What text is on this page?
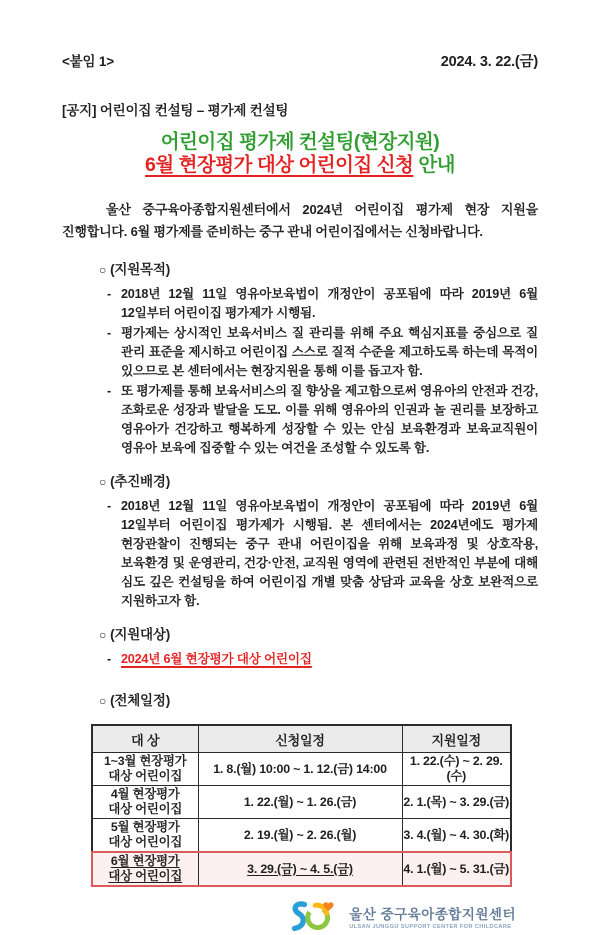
<붙임 1>	2024. 3. 22.(금)
[공지] 어린이집 컨설팅 – 평가제 컨설팅
어린이집 평가제 컨설팅(현장지원)
6월 현장평가 대상 어린이집 신청 안내

울산 중구육아종합지원센터에서 2024년 어린이집 평가제 현장 지원을 진행합니다. 6월 평가제를 준비하는 중구 관내 어린이집에서는 신청바랍니다.

○ (지원목적)
- 2018년 12월 11일 영유아보육법이 개정안이 공포됨에 따라 2019년 6월 12일부터 어린이집 평가제가 시행됨.
- 평가제는 상시적인 보육서비스 질 관리를 위해 주요 핵심지표를 중심으로 질 관리 표준을 제시하고 어린이집 스스로 질적 수준을 제고하도록 하는데 목적이 있으므로 본 센터에서는 현장지원을 통해 이를 돕고자 함.
- 또 평가제를 통해 보육서비스의 질 향상을 제고함으로써 영유아의 안전과 건강, 조화로운 성장과 발달을 도모. 이를 위해 영유아의 인권과 놀 권리를 보장하고 영유아가 건강하고 행복하게 성장할 수 있는 안심 보육환경과 보육교직원이 영유아 보육에 집중할 수 있는 여건을 조성할 수 있도록 함.
○ (추진배경)
- 2018년 12월 11일 영유아보육법이 개정안이 공포됨에 따라 2019년 6월 12일부터 어린이집 평가제가 시행됨. 본 센터에서는 2024년에도 평가제 현장관찰이 진행되는 중구 관내 어린이집을 위해 보육과정 및 상호작용, 보육환경 및 운영관리, 건강·안전, 교직원 영역에 관련된 전반적인 부분에 대해 심도 깊은 컨설팅을 하여 어린이집 개별 맞춤 상담과 교육을 상호 보완적으로 지원하고자 함.
○ (지원대상)
- 2024년 6월 현장평가 대상 어린이집
○ (전체일정)
대 상	신청일정	지원일정
1~3월 현장평가
대상 어린이집	1. 8.(월) 10:00 ~ 1. 12.(금) 14:00	1. 22.(수) ~ 2. 29.(수)
4월 현장평가
대상 어린이집	1. 22.(월) ~ 1. 26.(금)	2. 1.(목) ~ 3. 29.(금)
5월 현장평가
대상 어린이집	2. 19.(월) ~ 2. 26.(월)	3. 4.(월) ~ 4. 30.(화)
6월 현장평가
대상 어린이집	3. 29.(금) ~ 4. 5.(금)	4. 1.(월) ~ 5. 31.(금)
울산 중구육아종합지원센터
ULSAN JUNGGU SUPPORT CENTER FOR CHILDCARE
